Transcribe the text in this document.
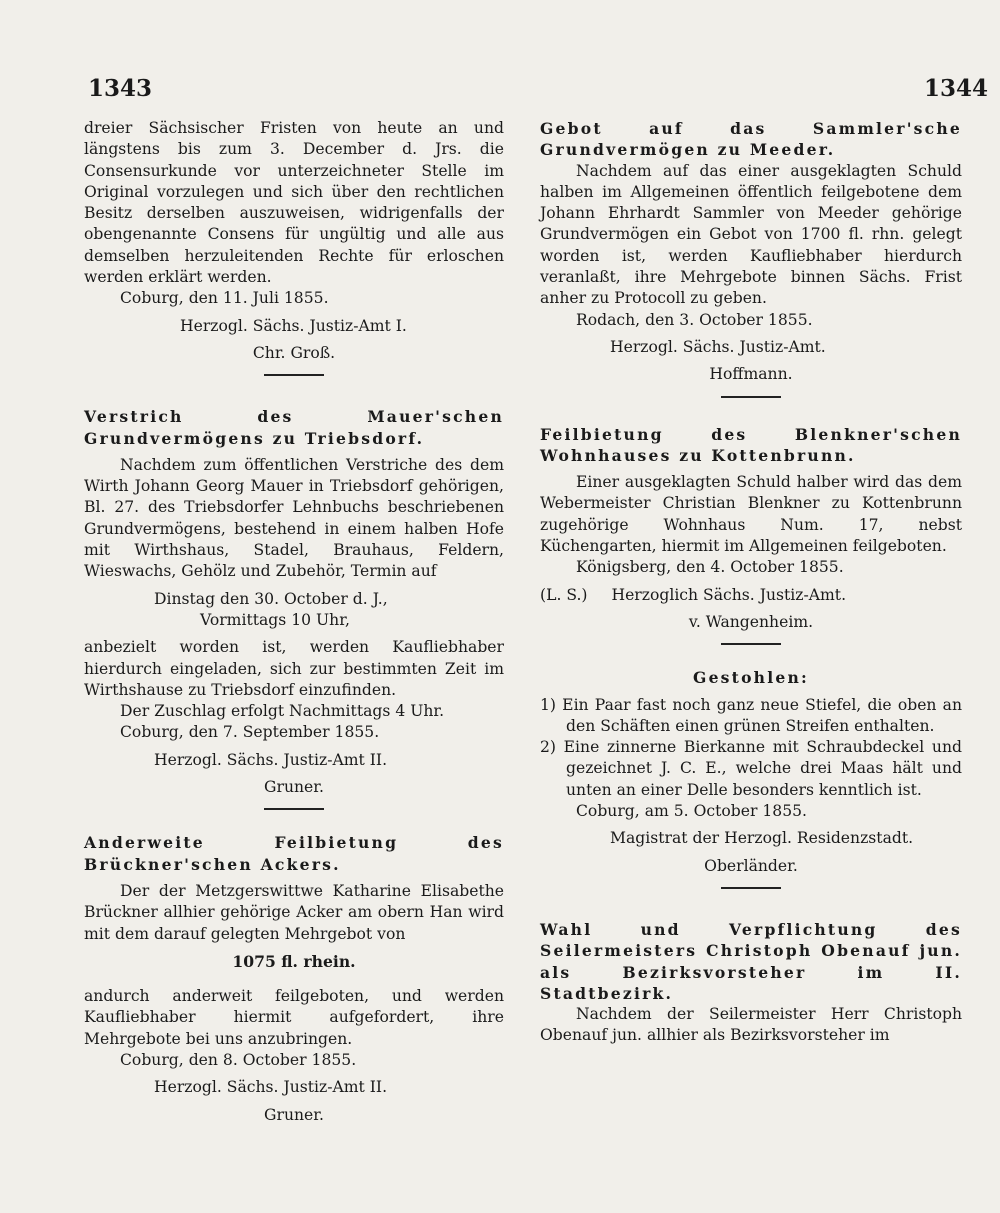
1343	1344

dreier Sächsischer Fristen von heute an und längstens bis zum 3. December d. Jrs. die Consensurkunde vor unterzeichneter Stelle im Original vorzulegen und sich über den rechtlichen Besitz derselben auszuweisen, widrigenfalls der obengenannte Consens für ungültig und alle aus demselben herzuleitenden Rechte für erloschen werden erklärt werden.

Coburg, den 11. Juli 1855.

Herzogl. Sächs. Justiz-Amt I.

Chr. Groß.

Verstrich des Mauer'schen Grundvermögens zu Triebsdorf.

Nachdem zum öffentlichen Verstriche des dem Wirth Johann Georg Mauer in Triebsdorf gehörigen, Bl. 27. des Triebsdorfer Lehnbuchs beschriebenen Grundvermögens, bestehend in einem halben Hofe mit Wirthshaus, Stadel, Brauhaus, Feldern, Wieswachs, Gehölz und Zubehör, Termin auf

Dinstag den 30. October d. J.,

Vormittags 10 Uhr,

anbezielt worden ist, werden Kaufliebhaber hierdurch eingeladen, sich zur bestimmten Zeit im Wirthshause zu Triebsdorf einzufinden.

Der Zuschlag erfolgt Nachmittags 4 Uhr.

Coburg, den 7. September 1855.

Herzogl. Sächs. Justiz-Amt II.

Gruner.

Anderweite Feilbietung des Brückner'schen Ackers.

Der der Metzgerswittwe Katharine Elisabethe Brückner allhier gehörige Acker am obern Han wird mit dem darauf gelegten Mehrgebot von

1075 fl. rhein.

andurch anderweit feilgeboten, und werden Kaufliebhaber hiermit aufgefordert, ihre Mehrgebote bei uns anzubringen.

Coburg, den 8. October 1855.

Herzogl. Sächs. Justiz-Amt II.

Gruner.

Gebot auf das Sammler'sche Grundvermögen zu Meeder.

Nachdem auf das einer ausgeklagten Schuld halben im Allgemeinen öffentlich feilgebotene dem Johann Ehrhardt Sammler von Meeder gehörige Grundvermögen ein Gebot von 1700 fl. rhn. gelegt worden ist, werden Kaufliebhaber hierdurch veranlaßt, ihre Mehrgebote binnen Sächs. Frist anher zu Protocoll zu geben.

Rodach, den 3. October 1855.

Herzogl. Sächs. Justiz-Amt.

Hoffmann.

Feilbietung des Blenkner'schen Wohnhauses zu Kottenbrunn.

Einer ausgeklagten Schuld halber wird das dem Webermeister Christian Blenkner zu Kottenbrunn zugehörige Wohnhaus Num. 17, nebst Küchengarten, hiermit im Allgemeinen feilgeboten.

Königsberg, den 4. October 1855.

(L. S.) Herzoglich Sächs. Justiz-Amt.

v. Wangenheim.

Gestohlen:

1) Ein Paar fast noch ganz neue Stiefel, die oben an den Schäften einen grünen Streifen enthalten.

2) Eine zinnerne Bierkanne mit Schraubdeckel und gezeichnet J. C. E., welche drei Maas hält und unten an einer Delle besonders kenntlich ist.

Coburg, am 5. October 1855.

Magistrat der Herzogl. Residenzstadt.

Oberländer.

Wahl und Verpflichtung des Seilermeisters Christoph Obenauf jun. als Bezirksvorsteher im II. Stadtbezirk.

Nachdem der Seilermeister Herr Christoph Obenauf jun. allhier als Bezirksvorsteher im
